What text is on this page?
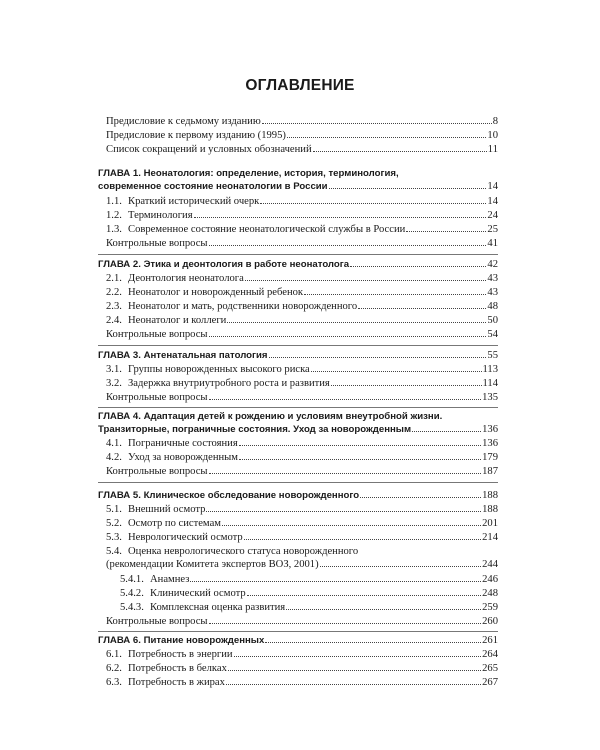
ОГЛАВЛЕНИЕ
Предисловие к седьмому изданию	8
Предисловие к первому изданию (1995)	10
Список сокращений и условных обозначений	11
ГЛАВА 1. Неонатология: определение, история, терминология,
современное состояние неонатологии в России	14
1.1. Краткий исторический очерк	14
1.2. Терминология	24
1.3. Современное состояние неонатологической службы в России	25
Контрольные вопросы	41
ГЛАВА 2. Этика и деонтология в работе неонатолога	42
2.1. Деонтология неонатолога	43
2.2. Неонатолог и новорожденный ребенок	43
2.3. Неонатолог и мать, родственники новорожденного	48
2.4. Неонатолог и коллеги	50
Контрольные вопросы	54
ГЛАВА 3. Антенатальная патология	55
3.1. Группы новорожденных высокого риска	113
3.2. Задержка внутриутробного роста и развития	114
Контрольные вопросы	135
ГЛАВА 4. Адаптация детей к рождению и условиям внеутробной жизни.
Транзиторные, пограничные состояния. Уход за новорожденным	136
4.1. Пограничные состояния	136
4.2. Уход за новорожденным	179
Контрольные вопросы	187
ГЛАВА 5. Клиническое обследование новорожденного	188
5.1. Внешний осмотр	188
5.2. Осмотр по системам	201
5.3. Неврологический осмотр	214
5.4. Оценка неврологического статуса новорожденного
(рекомендации Комитета экспертов ВОЗ, 2001)	244
5.4.1. Анамнез	246
5.4.2. Клинический осмотр	248
5.4.3. Комплексная оценка развития	259
Контрольные вопросы	260
ГЛАВА 6. Питание новорожденных	261
6.1. Потребность в энергии	264
6.2. Потребность в белках	265
6.3. Потребность в жирах	267
